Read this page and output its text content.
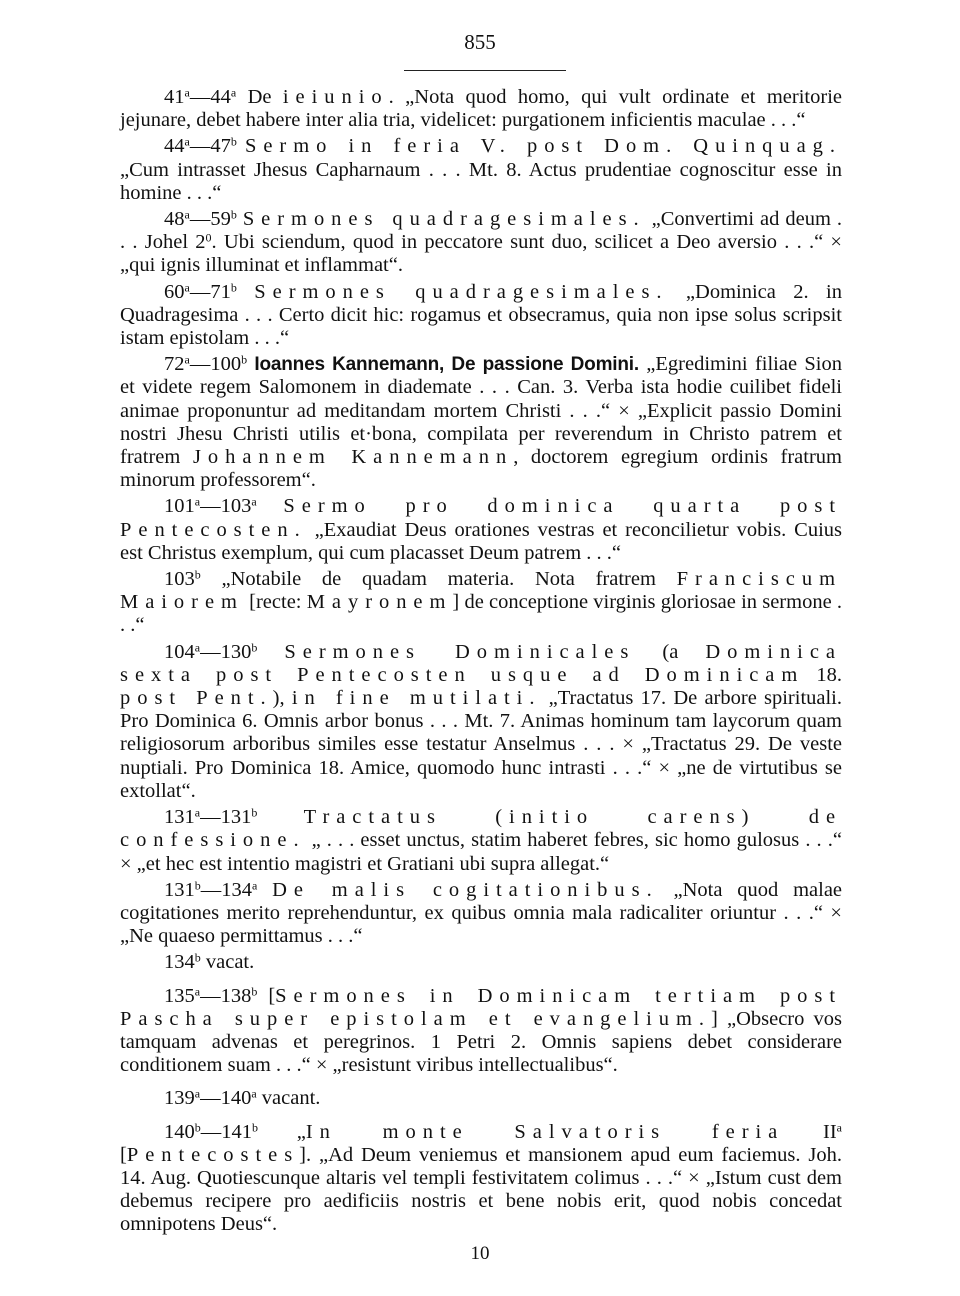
855

41$^a$—44$^a$ De ieiunio. „Nota quod homo, qui vult ordinate et meritorie jejunare, debet habere inter alia tria, videlicet: purgationem inficientis maculae . . .“

44$^a$—47$^b$ Sermo in feria V. post Dom. Quinquag. „Cum intrasset Jhesus Capharnaum . . . Mt. 8. Actus prudentiae cognoscitur esse in homine . . .“

48$^a$—59$^b$ Sermones quadragesimales. „Convertimi ad deum . . . Johel $2^0$. Ubi sciendum, quod in peccatore sunt duo, scilicet a Deo aversio . . .“ × „qui ignis illuminat et inflammat“.

60$^a$—71$^b$ Sermones quadragesimales. „Dominica 2. in Quadragesima . . . Certo dicit hic: rogamus et obsecramus, quia non ipse solus scripsit istam epistolam . . .“

72$^a$—100$^b$ Ioannes Kannemann, De passione Domini. „Egredimini filiae Sion et videte regem Salomonem in diademate . . . Can. 3. Verba ista hodie cuilibet fideli animae proponuntur ad meditandam mortem Christi . . .“ × „Explicit passio Domini nostri Jhesu Christi utilis et·bona, compilata per reverendum in Christo patrem et fratrem Johannem Kannemann, doctorem egregium ordinis fratrum minorum professorem“.

101$^a$—103$^a$ Sermo pro dominica quarta post Pentecosten. „Exaudiat Deus orationes vestras et reconcilietur vobis. Cuius est Christus exemplum, qui cum placasset Deum patrem . . .“

103$^b$ „Notabile de quadam materia. Nota fratrem Franciscum Maiorem [recte: Mayronem] de conceptione virginis gloriosae in sermone . . .“

104$^a$—130$^b$ Sermones Dominicales (a Dominica sexta post Pentecosten usque ad Dominicam 18. post Pent.), in fine mutilati. „Tractatus 17. De arbore spirituali. Pro Dominica 6. Omnis arbor bonus . . . Mt. 7. Animas hominum tam laycorum quam religiosorum arboribus similes esse testatur Anselmus . . . × „Tractatus 29. De veste nuptiali. Pro Dominica 18. Amice, quomodo hunc intrasti . . .“ × „ne de virtutibus se extollat“.

131$^a$—131$^b$ Tractatus (initio carens) de confessione. „ . . . esset unctus, statim haberet febres, sic homo gulosus . . .“ × „et hec est intentio magistri et Gratiani ubi supra allegat.“

131$^b$—134$^a$ De malis cogitationibus. „Nota quod malae cogitationes merito reprehenduntur, ex quibus omnia mala radicaliter oriuntur . . .“ × „Ne quaeso permittamus . . .“

134$^b$ vacat.

135$^a$—138$^b$ [Sermones in Dominicam tertiam post Pascha super epistolam et evangelium.] „Obsecro vos tamquam advenas et peregrinos. 1 Petri 2. Omnis sapiens debet considerare conditionem suam . . .“ × „resistunt viribus intellectualibus“.

139$^a$—140$^a$ vacant.

140$^b$—141$^b$ „In monte Salvatoris feria $II^a$ [Pentecostes]. „Ad Deum veniemus et mansionem apud eum faciemus. Joh. 14. Aug. Quotiescunque altaris vel templi festivitatem colimus . . .“ × „Istum cust dem debemus recipere pro aedificiis nostris et bene nobis erit, quod nobis concedat omnipotens Deus“.

10
